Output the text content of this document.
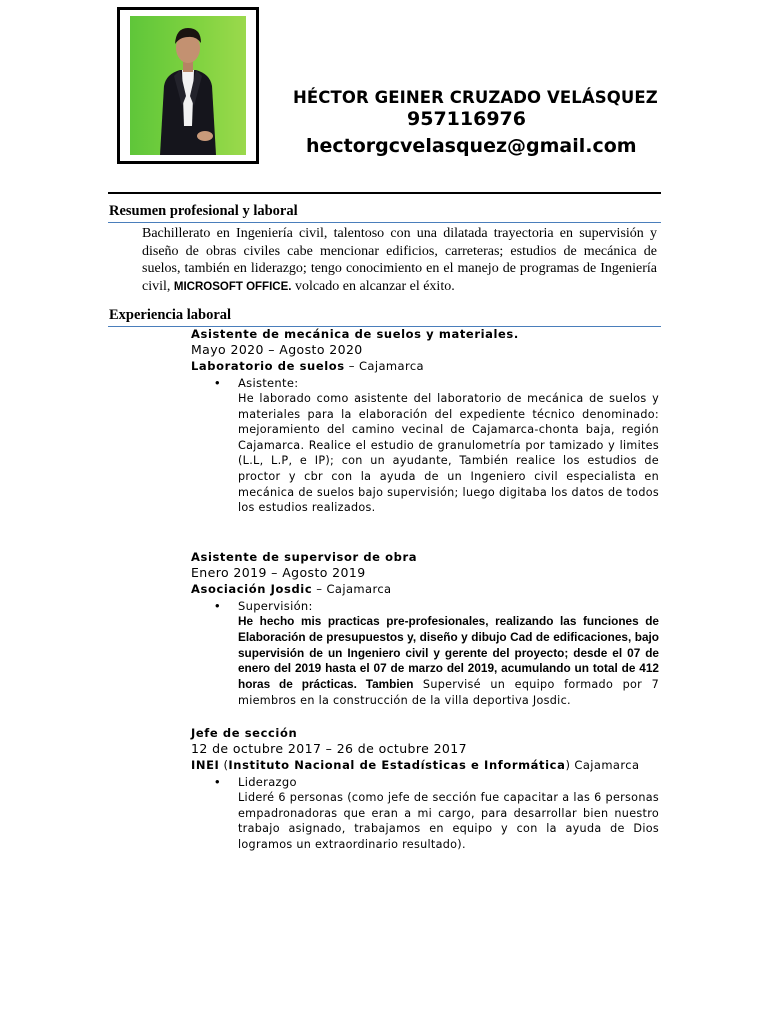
HÉCTOR GEINER CRUZADO VELÁSQUEZ
957116976
hectorgcvelasquez@gmail.com
Resumen profesional y laboral
Bachillerato en Ingeniería civil, talentoso con una dilatada trayectoria en supervisión y diseño de obras civiles cabe mencionar edificios, carreteras; estudios de mecánica de suelos, también en liderazgo; tengo conocimiento en el manejo de programas de Ingeniería civil, MICROSOFT OFFICE. volcado en alcanzar el éxito.
Experiencia laboral
Asistente de mecánica de suelos y materiales.
Mayo 2020 – Agosto 2020
Laboratorio de suelos – Cajamarca
• Asistente:
He laborado como asistente del laboratorio de mecánica de suelos y materiales para la elaboración del expediente técnico denominado: mejoramiento del camino vecinal de Cajamarca-chonta baja, región Cajamarca. Realice el estudio de granulometría por tamizado y limites (L.L, L.P, e IP); con un ayudante, También realice los estudios de proctor y cbr con la ayuda de un Ingeniero civil especialista en mecánica de suelos bajo supervisión; luego digitaba los datos de todos los estudios realizados.
Asistente de supervisor de obra
Enero 2019 – Agosto 2019
Asociación Josdic – Cajamarca
• Supervisión:
He hecho mis practicas pre-profesionales, realizando las funciones de Elaboración de presupuestos y, diseño y dibujo Cad de edificaciones, bajo supervisión de un Ingeniero civil y gerente del proyecto; desde el 07 de enero del 2019 hasta el 07 de marzo del 2019, acumulando un total de 412 horas de prácticas. Tambien Supervisé un equipo formado por 7 miembros en la construcción de la villa deportiva Josdic.
Jefe de sección
12 de octubre 2017 – 26 de octubre 2017
INEI (Instituto Nacional de Estadísticas e Informática) Cajamarca
• Liderazgo
Lideré 6 personas (como jefe de sección fue capacitar a las 6 personas empadronadoras que eran a mi cargo, para desarrollar bien nuestro trabajo asignado, trabajamos en equipo y con la ayuda de Dios logramos un extraordinario resultado).
